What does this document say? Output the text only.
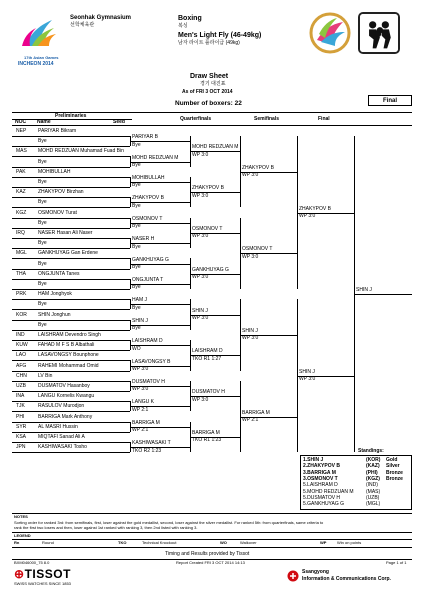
17th Asian Games
INCHEON 2014
Seonhak Gymnasium
선학체육관
Boxing
복싱
Men's Light Fly (46-49kg)
남자 라이트 플라이급 (49kg)
Draw Sheet
경기 대진표
As of FRI 3 OCT 2014
Number of boxers: 22	Final
Preliminaries
NOC Name	Seed	Quarterfinals	Semifinals	Final
NEP PARIYAR Bikram
Bye
MAS MOHD REDZUAN Muhamad Fuad Bin
Bye
PAK MOHIBULLAH
Bye
KAZ ZHAKYPOV Birzhan
Bye
KGZ OSMONOV Turat
Bye
IRQ	NASER Hasan Ali Naser
Bye
MGL GANKHUYAG Gan Erdene
Bye
THA ONGJUNTA Tanes
Bye
PRK HAM Jonghyok
Bye
KOR SHIN Jonghun
Bye
IND	LAISHRAM Devendro Singh
KUW FAHAD M F S B Albathali
LAO LASAVONGSY Bounphone
AFG RAHEMI Mohammad Omid
CHN LV Bin
UZB DUSMATOV Hasanboy
INA	LANGU Kornelis Kwangu
TJK	RASULOV Murodjon
PHI	BARRIGA Mark Anthony
SYR AL MASRI Hussin
KSA MIQTAFI Sanad Ali A
JPN	KASHIWASAKI Tosho
PARIYAR B
Bye
MOHD REDZUAN M
Bye
MOHIBULLAH
Bye
ZHAKYPOV B
Bye
OSMONOV T
Bye
NASER H
Bye
GANKHUYAG G
Bye
ONGJUNTA T
Bye
HAM J
Bye
SHIN J
Bye
LAISHRAM D
WO
LASAVONGSY B
WP 3:0
DUSMATOV H
WP 3:0
LANGU K
WP 2:1
BARRIGA M
WP 2:1
KASHIWASAKI T
TKO R2 1:23
MOHD REDZUAN M
WP 3:0
ZHAKYPOV B
WP 3:0
OSMONOV T
WP 3:0
GANKHUYAG G
WP 3:0
SHIN J
WP 3:0
LAISHRAM D
TKO R1 1:27
DUSMATOV H
WP 3:0
BARRIGA M
TKO R1 1:23
ZHAKYPOV B
WP 3:0
OSMONOV T
WP 3:0
SHIN J
WP 3:0
BARRIGA M
WP 2:1
ZHAKYPOV B
WP 3:0
SHIN J
WP 3:0
SHIN J
Standings:
1.SHIN J	(KOR) Gold
2.ZHAKYPOV B	(KAZ) Silver
3.BARRIGA M	(PHI) Bronze
3.OSMONOV T	(KGZ) Bronze
5.LAISHRAM D	(IND)
5.MOHD REDZUAN M (MAS)
5.DUSMATOV H	(UZB)
5.GANKHUYAG G	(MGL)
NOTES
Sorting order for ranked 3rd: from semifinals, first, loser against the gold medallist, second, loser against the silver medallist. For ranked 5th: from quarterfinals, same criteria to
rank the first two losers and then, loser against 1st ranked with ranking 3, then 2nd listed with ranking 3.
LEGEND
Rn	Round	TKO	Technical Knockout	WO	Walkover	WP	Win on points
Timing and Results provided by Tissot
BXM046000_75 8.0	Report Created FRI 3 OCT 2014 14:13	Page 1 of 1
⊕TISSOT
SWISS WATCHES SINCE 1853
Ssangyong
Information & Communications Corp.
